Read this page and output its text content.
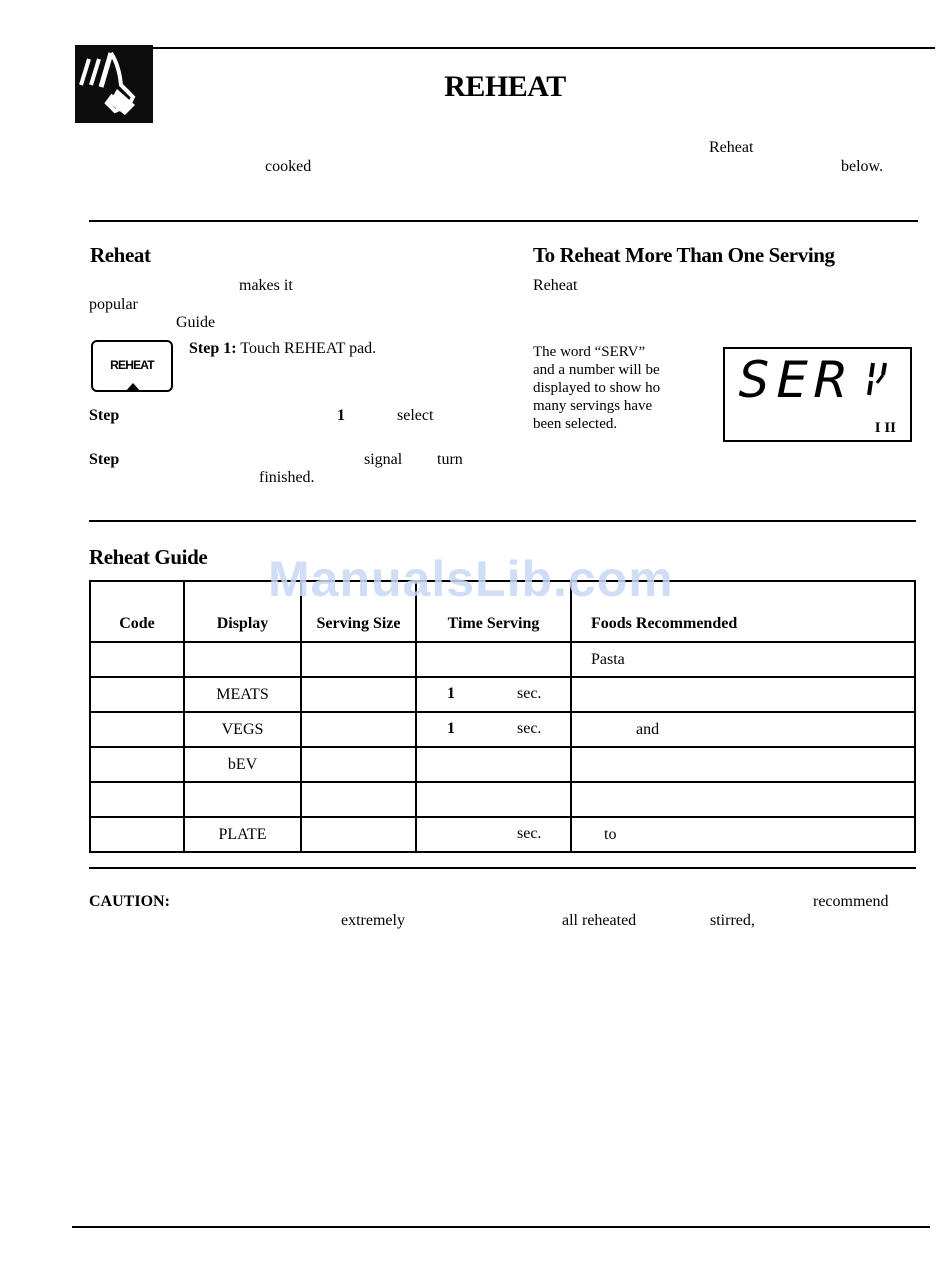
REHEAT
Reheat
cooked	below.
Reheat
makes it
popular
Guide
REHEAT
Step 1: Touch REHEAT pad.
Step	1	select
Step	signal turn
finished.
To Reheat More Than One Serving
Reheat
The word “SERV”
and a number will be
displayed to show ho
many servings have
been selected.
SER
I II
Reheat Guide
Code	Display	Serving Size	Time Serving	Foods Recommended
				Pasta
	MEATS		1 sec.	

	VEGS		1 sec.	and
	bEV			

	PLATE		sec.	to
ManualsLib.com
CAUTION:	recommend
extremely	all reheated	stirred,
